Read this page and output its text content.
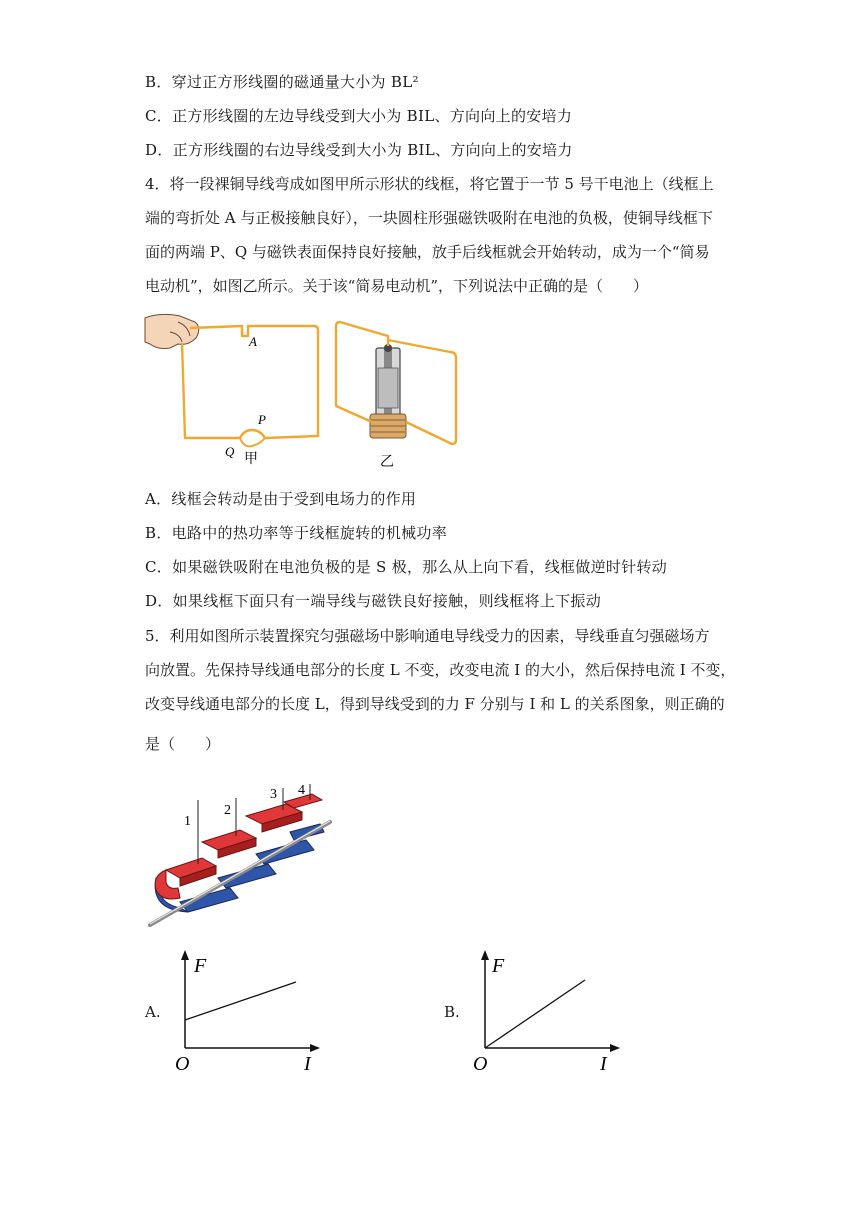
B．穿过正方形线圈的磁通量大小为 BL²
C．正方形线圈的左边导线受到大小为 BIL、方向向上的安培力
D．正方形线圈的右边导线受到大小为 BIL、方向向上的安培力
4．将一段裸铜导线弯成如图甲所示形状的线框，将它置于一节 5 号干电池上（线框上
端的弯折处 A 与正极接触良好），一块圆柱形强磁铁吸附在电池的负极，使铜导线框下
面的两端 P、Q 与磁铁表面保持良好接触，放手后线框就会开始转动，成为一个“简易
电动机”，如图乙所示。关于该“简易电动机”，下列说法中正确的是（　　）
A
P
Q
甲	乙
A．线框会转动是由于受到电场力的作用
B．电路中的热功率等于线框旋转的机械功率
C．如果磁铁吸附在电池负极的是 S 极，那么从上向下看，线框做逆时针转动
D．如果线框下面只有一端导线与磁铁良好接触，则线框将上下振动
5．利用如图所示装置探究匀强磁场中影响通电导线受力的因素，导线垂直匀强磁场方
向放置。先保持导线通电部分的长度 L 不变，改变电流 I 的大小，然后保持电流 I 不变，
改变导线通电部分的长度 L，得到导线受到的力 F 分别与 I 和 L 的关系图象，则正确的
是（　　）
1
2
3 4
A.
F
I
O
B.
F
I
O
